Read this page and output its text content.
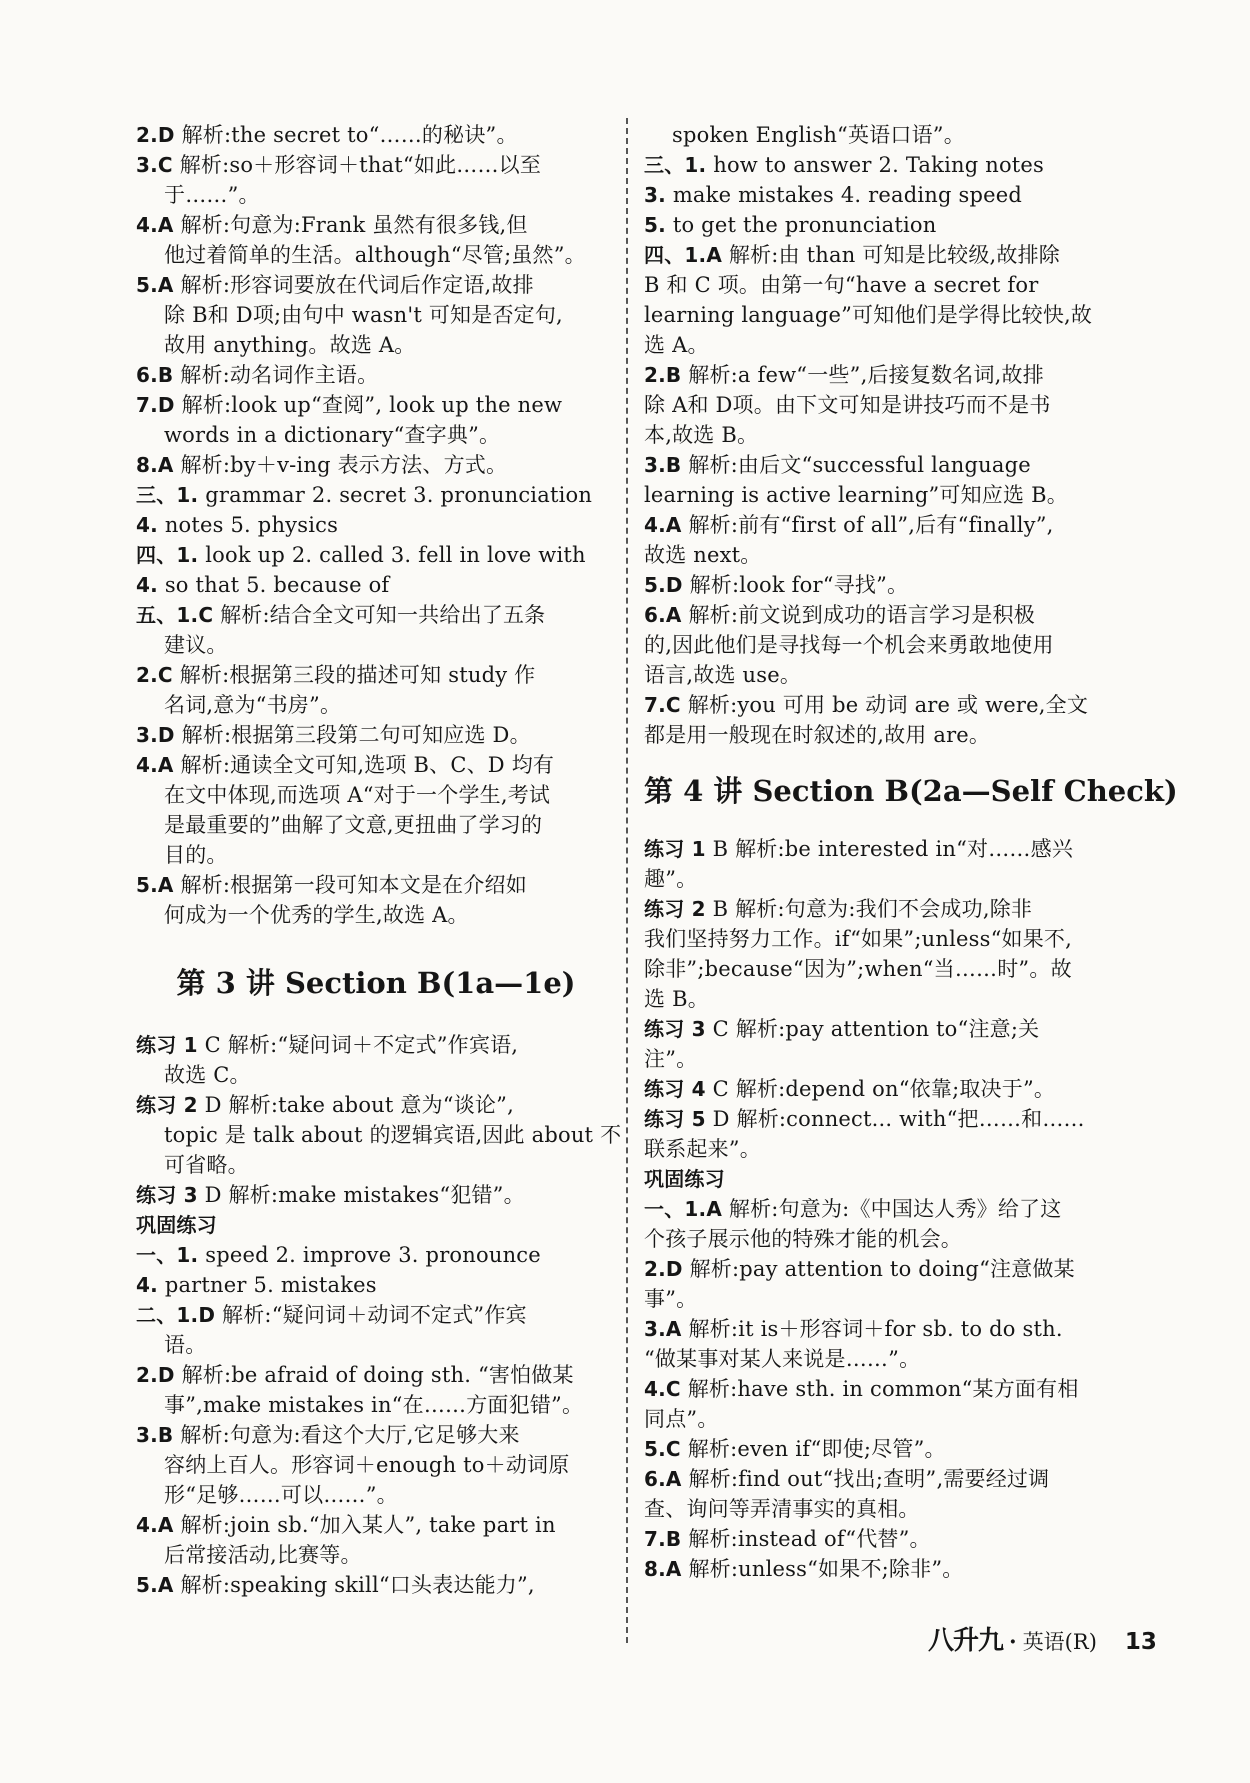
2.D 解析:the secret to“……的秘诀”。
3.C 解析:so＋形容词＋that“如此……以至
于……”。
4.A 解析:句意为:Frank 虽然有很多钱,但
他过着简单的生活。although“尽管;虽然”。
5.A 解析:形容词要放在代词后作定语,故排
除 B和 D项;由句中 wasn't 可知是否定句,
故用 anything。故选 A。
6.B 解析:动名词作主语。
7.D 解析:look up“查阅”, look up the new
words in a dictionary“查字典”。
8.A 解析:by＋v-ing 表示方法、方式。
三、1. grammar 2. secret 3. pronunciation
4. notes 5. physics
四、1. look up 2. called 3. fell in love with
4. so that 5. because of
五、1.C 解析:结合全文可知一共给出了五条
建议。
2.C 解析:根据第三段的描述可知 study 作
名词,意为“书房”。
3.D 解析:根据第三段第二句可知应选 D。
4.A 解析:通读全文可知,选项 B、C、D 均有
在文中体现,而选项 A“对于一个学生,考试
是最重要的”曲解了文意,更扭曲了学习的
目的。
5.A 解析:根据第一段可知本文是在介绍如
何成为一个优秀的学生,故选 A。
第 3 讲 Section B(1a—1e)
练习 1 C 解析:“疑问词＋不定式”作宾语,
故选 C。
练习 2 D 解析:take about 意为“谈论”,
topic 是 talk about 的逻辑宾语,因此 about 不
可省略。
练习 3 D 解析:make mistakes“犯错”。
巩固练习
一、1. speed 2. improve 3. pronounce
4. partner 5. mistakes
二、1.D 解析:“疑问词＋动词不定式”作宾
语。
2.D 解析:be afraid of doing sth. “害怕做某
事”,make mistakes in“在……方面犯错”。
3.B 解析:句意为:看这个大厅,它足够大来
容纳上百人。形容词＋enough to＋动词原
形“足够……可以……”。
4.A 解析:join sb.“加入某人”, take part in
后常接活动,比赛等。
5.A 解析:speaking skill“口头表达能力”,
spoken English“英语口语”。
三、1. how to answer 2. Taking notes
3. make mistakes 4. reading speed
5. to get the pronunciation
四、1.A 解析:由 than 可知是比较级,故排除
B 和 C 项。由第一句“have a secret for
learning language”可知他们是学得比较快,故
选 A。
2.B 解析:a few“一些”,后接复数名词,故排
除 A和 D项。由下文可知是讲技巧而不是书
本,故选 B。
3.B 解析:由后文“successful language
learning is active learning”可知应选 B。
4.A 解析:前有“first of all”,后有“finally”,
故选 next。
5.D 解析:look for“寻找”。
6.A 解析:前文说到成功的语言学习是积极
的,因此他们是寻找每一个机会来勇敢地使用
语言,故选 use。
7.C 解析:you 可用 be 动词 are 或 were,全文
都是用一般现在时叙述的,故用 are。
第 4 讲 Section B(2a—Self Check)
练习 1 B 解析:be interested in“对……感兴
趣”。
练习 2 B 解析:句意为:我们不会成功,除非
我们坚持努力工作。if“如果”;unless“如果不,
除非”;because“因为”;when“当……时”。故
选 B。
练习 3 C 解析:pay attention to“注意;关
注”。
练习 4 C 解析:depend on“依靠;取决于”。
练习 5 D 解析:connect... with“把……和……
联系起来”。
巩固练习
一、1.A 解析:句意为:《中国达人秀》给了这
个孩子展示他的特殊才能的机会。
2.D 解析:pay attention to doing“注意做某
事”。
3.A 解析:it is＋形容词＋for sb. to do sth.
“做某事对某人来说是……”。
4.C 解析:have sth. in common“某方面有相
同点”。
5.C 解析:even if“即使;尽管”。
6.A 解析:find out“找出;查明”,需要经过调
查、询问等弄清事实的真相。
7.B 解析:instead of“代替”。
8.A 解析:unless“如果不;除非”。
八升九 · 英语(R) 13
